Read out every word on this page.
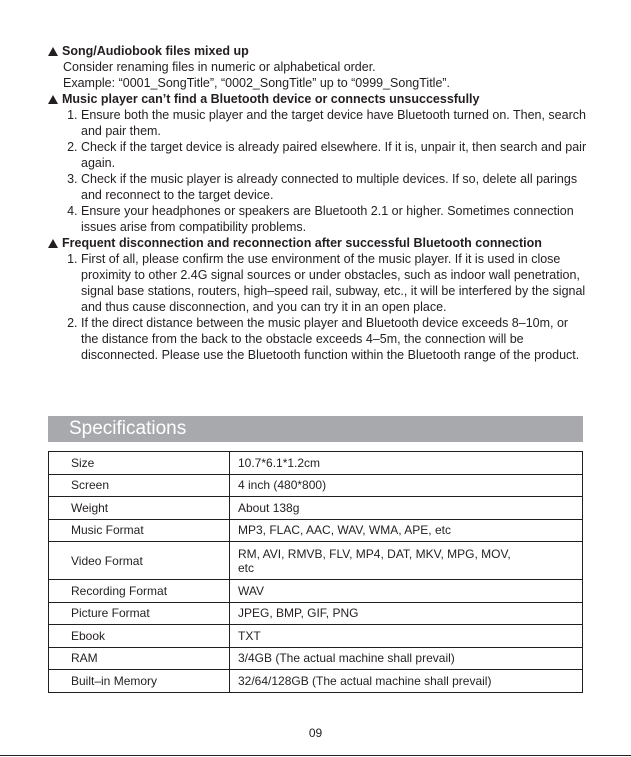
Song/Audiobook files mixed up
Consider renaming files in numeric or alphabetical order.
Example: “0001_SongTitle”, “0002_SongTitle” up to “0999_SongTitle”.
Music player can’t find a Bluetooth device or connects unsuccessfully
1. Ensure both the music player and the target device have Bluetooth turned on. Then, search and pair them.
2. Check if the target device is already paired elsewhere. If it is, unpair it, then search and pair again.
3. Check if the music player is already connected to multiple devices. If so, delete all parings and reconnect to the target device.
4. Ensure your headphones or speakers are Bluetooth 2.1 or higher. Sometimes connection issues arise from compatibility problems.
Frequent disconnection and reconnection after successful Bluetooth connection
1. First of all, please confirm the use environment of the music player. If it is used in close proximity to other 2.4G signal sources or under obstacles, such as indoor wall penetration, signal base stations, routers, high–speed rail, subway, etc., it will be interfered by the signal and thus cause disconnection, and you can try it in an open place.
2. If the direct distance between the music player and Bluetooth device exceeds 8–10m, or the distance from the back to the obstacle exceeds 4–5m, the connection will be disconnected. Please use the Bluetooth function within the Bluetooth range of the product.
Specifications
Size	10.7*6.1*1.2cm
Screen	4 inch (480*800)
Weight	About 138g
Music Format	MP3, FLAC, AAC, WAV, WMA, APE, etc
Video Format	RM, AVI, RMVB, FLV, MP4, DAT, MKV, MPG, MOV, etc
Recording Format	WAV
Picture Format	JPEG, BMP, GIF, PNG
Ebook	TXT
RAM	3/4GB (The actual machine shall prevail)
Built–in Memory	32/64/128GB (The actual machine shall prevail)
09
